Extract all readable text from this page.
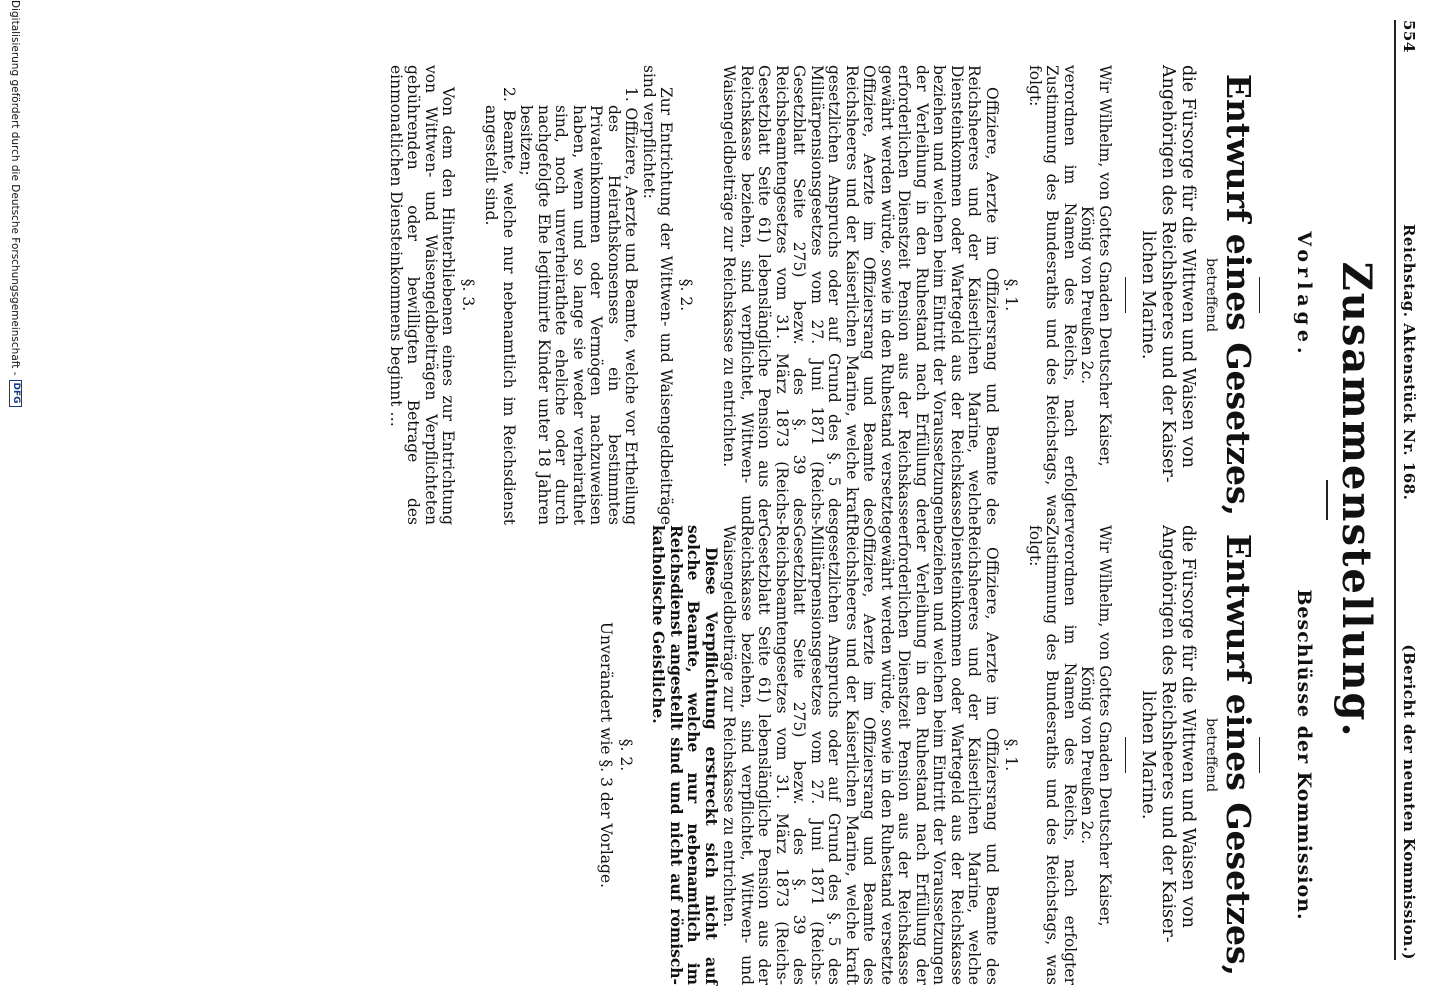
554
Reichstag. Aktenstück Nr. 168.
(Bericht der neunten Kommission.)
Zusammenstellung.
Vorlage.
Entwurf eines Gesetzes,
betreffend
die Fürsorge für die Wittwen und Waisen von
Angehörigen des Reichsheeres und der Kaiser-

lichen Marine.

Wir Wilhelm, von Gottes Gnaden Deutscher Kaiser,

König von Preußen 2c.

verordnen im Namen des Reichs, nach erfolgter Zustimmung des Bundesraths und des Reichstags, was folgt:

§. 1.

Offiziere, Aerzte im Offiziersrang und Beamte des Reichsheeres und der Kaiserlichen Marine, welche Diensteinkommen oder Wartegeld aus der Reichskasse beziehen und welchen beim Eintritt der Voraussetzungen der Verleihung in den Ruhestand nach Erfüllung der erforderlichen Dienstzeit Pension aus der Reichskasse gewährt werden würde, sowie in den Ruhestand versetzte Offiziere, Aerzte im Offiziersrang und Beamte des Reichsheeres und der Kaiserlichen Marine, welche kraft gesetzlichen Anspruchs oder auf Grund des §. 5 des Militärpensionsgesetzes vom 27. Juni 1871 (Reichs-Gesetzblatt Seite 275) bezw. des §. 39 des Reichsbeamtengesetzes vom 31. März 1873 (Reichs-Gesetzblatt Seite 61) lebenslängliche Pension aus der Reichskasse beziehen, sind verpflichtet, Wittwen- und Waisengeldbeiträge zur Reichskasse zu entrichten.

§. 2.

Zur Entrichtung der Wittwen- und Waisengeldbeiträge sind verpflichtet:

1. Offiziere, Aerzte und Beamte, welche vor Ertheilung des Heirathskonsenses ein bestimmtes Privateinkommen oder Vermögen nachzuweisen haben, wenn und so lange sie weder verheirathet sind, noch unverheirathete eheliche oder durch nachgefolgte Ehe legitimirte Kinder unter 18 Jahren besitzen;

2. Beamte, welche nur nebenamtlich im Reichsdienst angestellt sind.

§. 3.

Von dem den Hinterbliebenen eines zur Entrichtung von Wittwen- und Waisengeldbeiträgen Verpflichteten gebührenden oder bewilligten Betrage des einmonatlichen Diensteinkommens beginnt …

Beschlüsse der Kommission.
Entwurf eines Gesetzes,
betreffend
die Fürsorge für die Wittwen und Waisen von
Angehörigen des Reichsheeres und der Kaiser-

lichen Marine.

Wir Wilhelm, von Gottes Gnaden Deutscher Kaiser,

König von Preußen 2c.

verordnen im Namen des Reichs, nach erfolgter Zustimmung des Bundesraths und des Reichstags, was folgt:

§. 1.

Offiziere, Aerzte im Offiziersrang und Beamte des Reichsheeres und der Kaiserlichen Marine, welche Diensteinkommen oder Wartegeld aus der Reichskasse beziehen und welchen beim Eintritt der Voraussetzungen der Verleihung in den Ruhestand nach Erfüllung der erforderlichen Dienstzeit Pension aus der Reichskasse gewährt werden würde, sowie in den Ruhestand versetzte Offiziere, Aerzte im Offiziersrang und Beamte des Reichsheeres und der Kaiserlichen Marine, welche kraft gesetzlichen Anspruchs oder auf Grund des §. 5 des Militärpensionsgesetzes vom 27. Juni 1871 (Reichs-Gesetzblatt Seite 275) bezw. des §. 39 des Reichsbeamtengesetzes vom 31. März 1873 (Reichs-Gesetzblatt Seite 61) lebenslängliche Pension aus der Reichskasse beziehen, sind verpflichtet, Wittwen- und Waisengeldbeiträge zur Reichskasse zu entrichten.

Diese Verpflichtung erstreckt sich nicht auf solche Beamte, welche nur nebenamtlich im Reichsdienst angestellt sind und nicht auf römisch-katholische Geistliche.

§. 2.

Unverändert wie §. 3 der Vorlage.

Digitalisierung gefördert durch die Deutsche Forschungsgemeinschaft -
DFG
